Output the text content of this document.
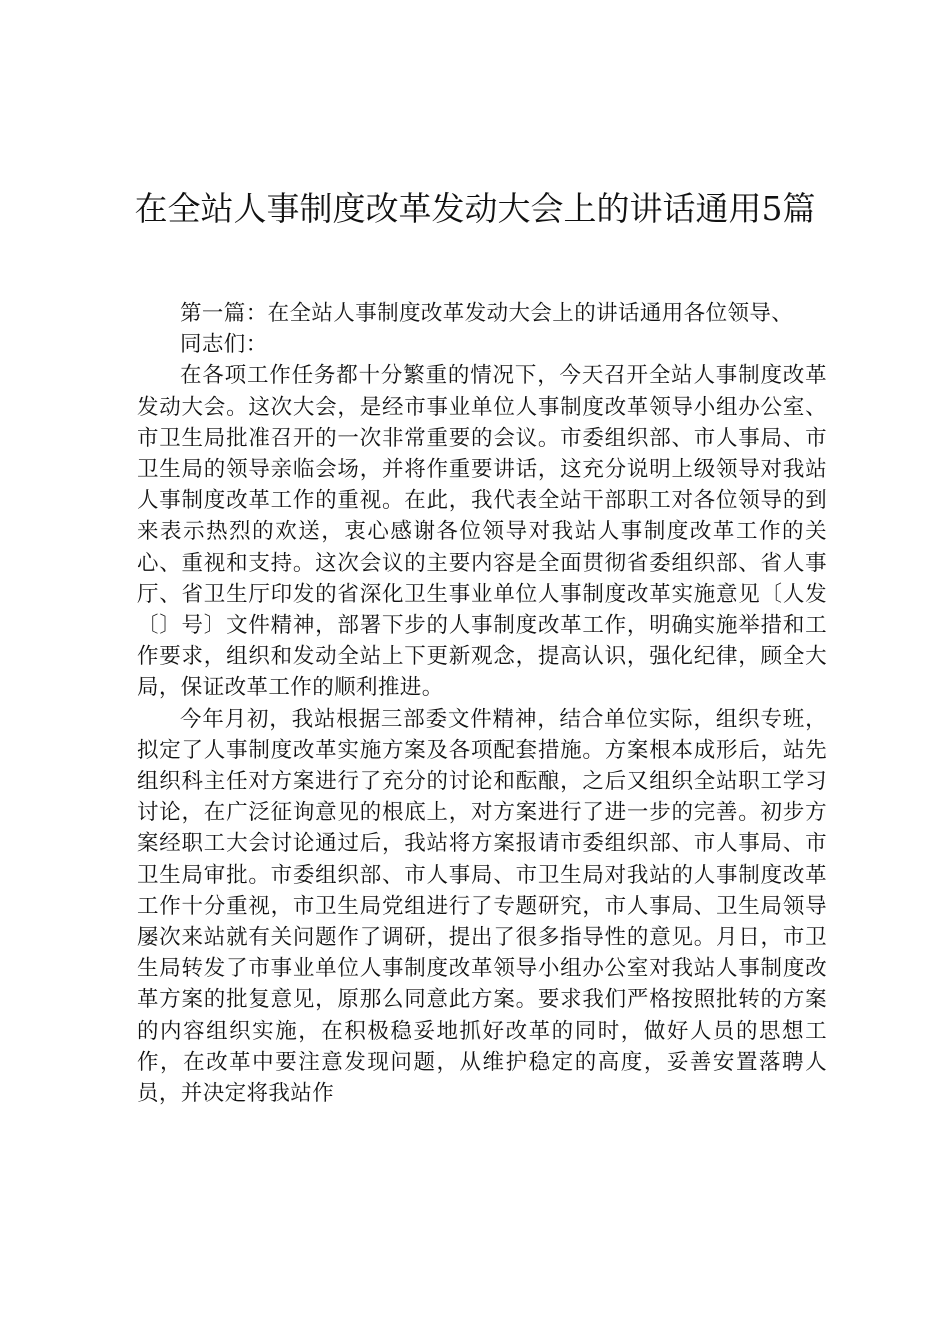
在全站人事制度改革发动大会上的讲话通用5篇

第一篇：在全站人事制度改革发动大会上的讲话通用各位领导、

同志们：

在各项工作任务都十分繁重的情况下，今天召开全站人事制度改革发动大会。这次大会，是经市事业单位人事制度改革领导小组办公室、市卫生局批准召开的一次非常重要的会议。市委组织部、市人事局、市卫生局的领导亲临会场，并将作重要讲话，这充分说明上级领导对我站人事制度改革工作的重视。在此，我代表全站干部职工对各位领导的到来表示热烈的欢送，衷心感谢各位领导对我站人事制度改革工作的关心、重视和支持。这次会议的主要内容是全面贯彻省委组织部、省人事厅、省卫生厅印发的省深化卫生事业单位人事制度改革实施意见〔人发〔〕号〕文件精神，部署下步的人事制度改革工作，明确实施举措和工作要求，组织和发动全站上下更新观念，提高认识，强化纪律，顾全大局，保证改革工作的顺利推进。

今年月初，我站根据三部委文件精神，结合单位实际，组织专班，拟定了人事制度改革实施方案及各项配套措施。方案根本成形后，站先组织科主任对方案进行了充分的讨论和酝酿，之后又组织全站职工学习讨论，在广泛征询意见的根底上，对方案进行了进一步的完善。初步方案经职工大会讨论通过后，我站将方案报请市委组织部、市人事局、市卫生局审批。市委组织部、市人事局、市卫生局对我站的人事制度改革工作十分重视，市卫生局党组进行了专题研究，市人事局、卫生局领导屡次来站就有关问题作了调研，提出了很多指导性的意见。月日，市卫生局转发了市事业单位人事制度改革领导小组办公室对我站人事制度改革方案的批复意见，原那么同意此方案。要求我们严格按照批转的方案的内容组织实施，在积极稳妥地抓好改革的同时，做好人员的思想工作，在改革中要注意发现问题，从维护稳定的高度，妥善安置落聘人员，并决定将我站作
